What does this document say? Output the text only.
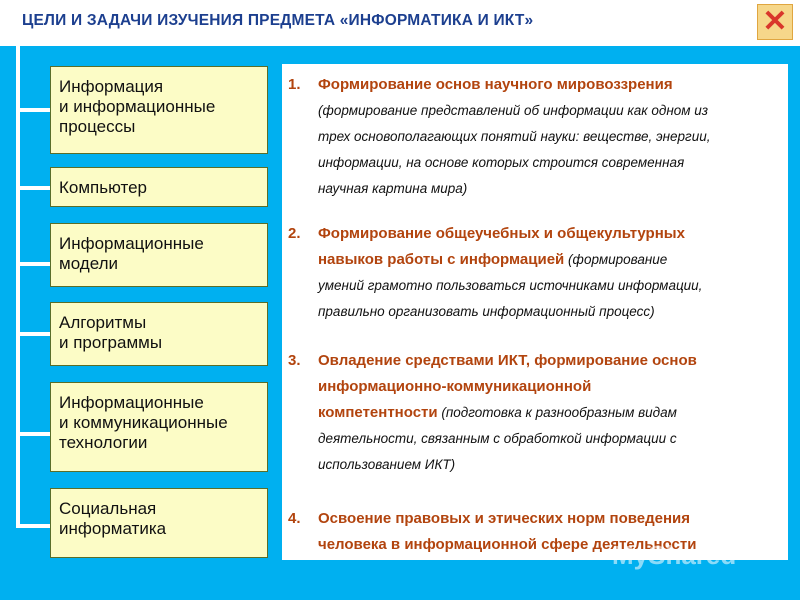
ЦЕЛИ И ЗАДАЧИ ИЗУЧЕНИЯ ПРЕДМЕТА «ИНФОРМАТИКА И ИКТ»	✕
Информация
и информационные
процессы
Компьютер
Информационные
модели
Алгоритмы
и программы
Информационные
и коммуникационные
технологии
Социальная
информатика
1.	Формирование основ научного мировоззрения
(формирование представлений об информации как одном из
трех основополагающих понятий науки: веществе, энергии,
информации, на основе которых строится современная
научная картина мира)
2.	Формирование общеучебных и общекультурных
навыков работы с информацией (формирование
умений грамотно пользоваться источниками информации,
правильно организовать информационный процесс)
3.	Овладение средствами ИКТ, формирование основ
информационно-коммуникационной
компетентности (подготовка к разнообразным видам
деятельности, связанным с обработкой информации с
использованием ИКТ)
4.	Освоение правовых и этических норм поведения
человека в информационной сфере деятельности
MyShared
